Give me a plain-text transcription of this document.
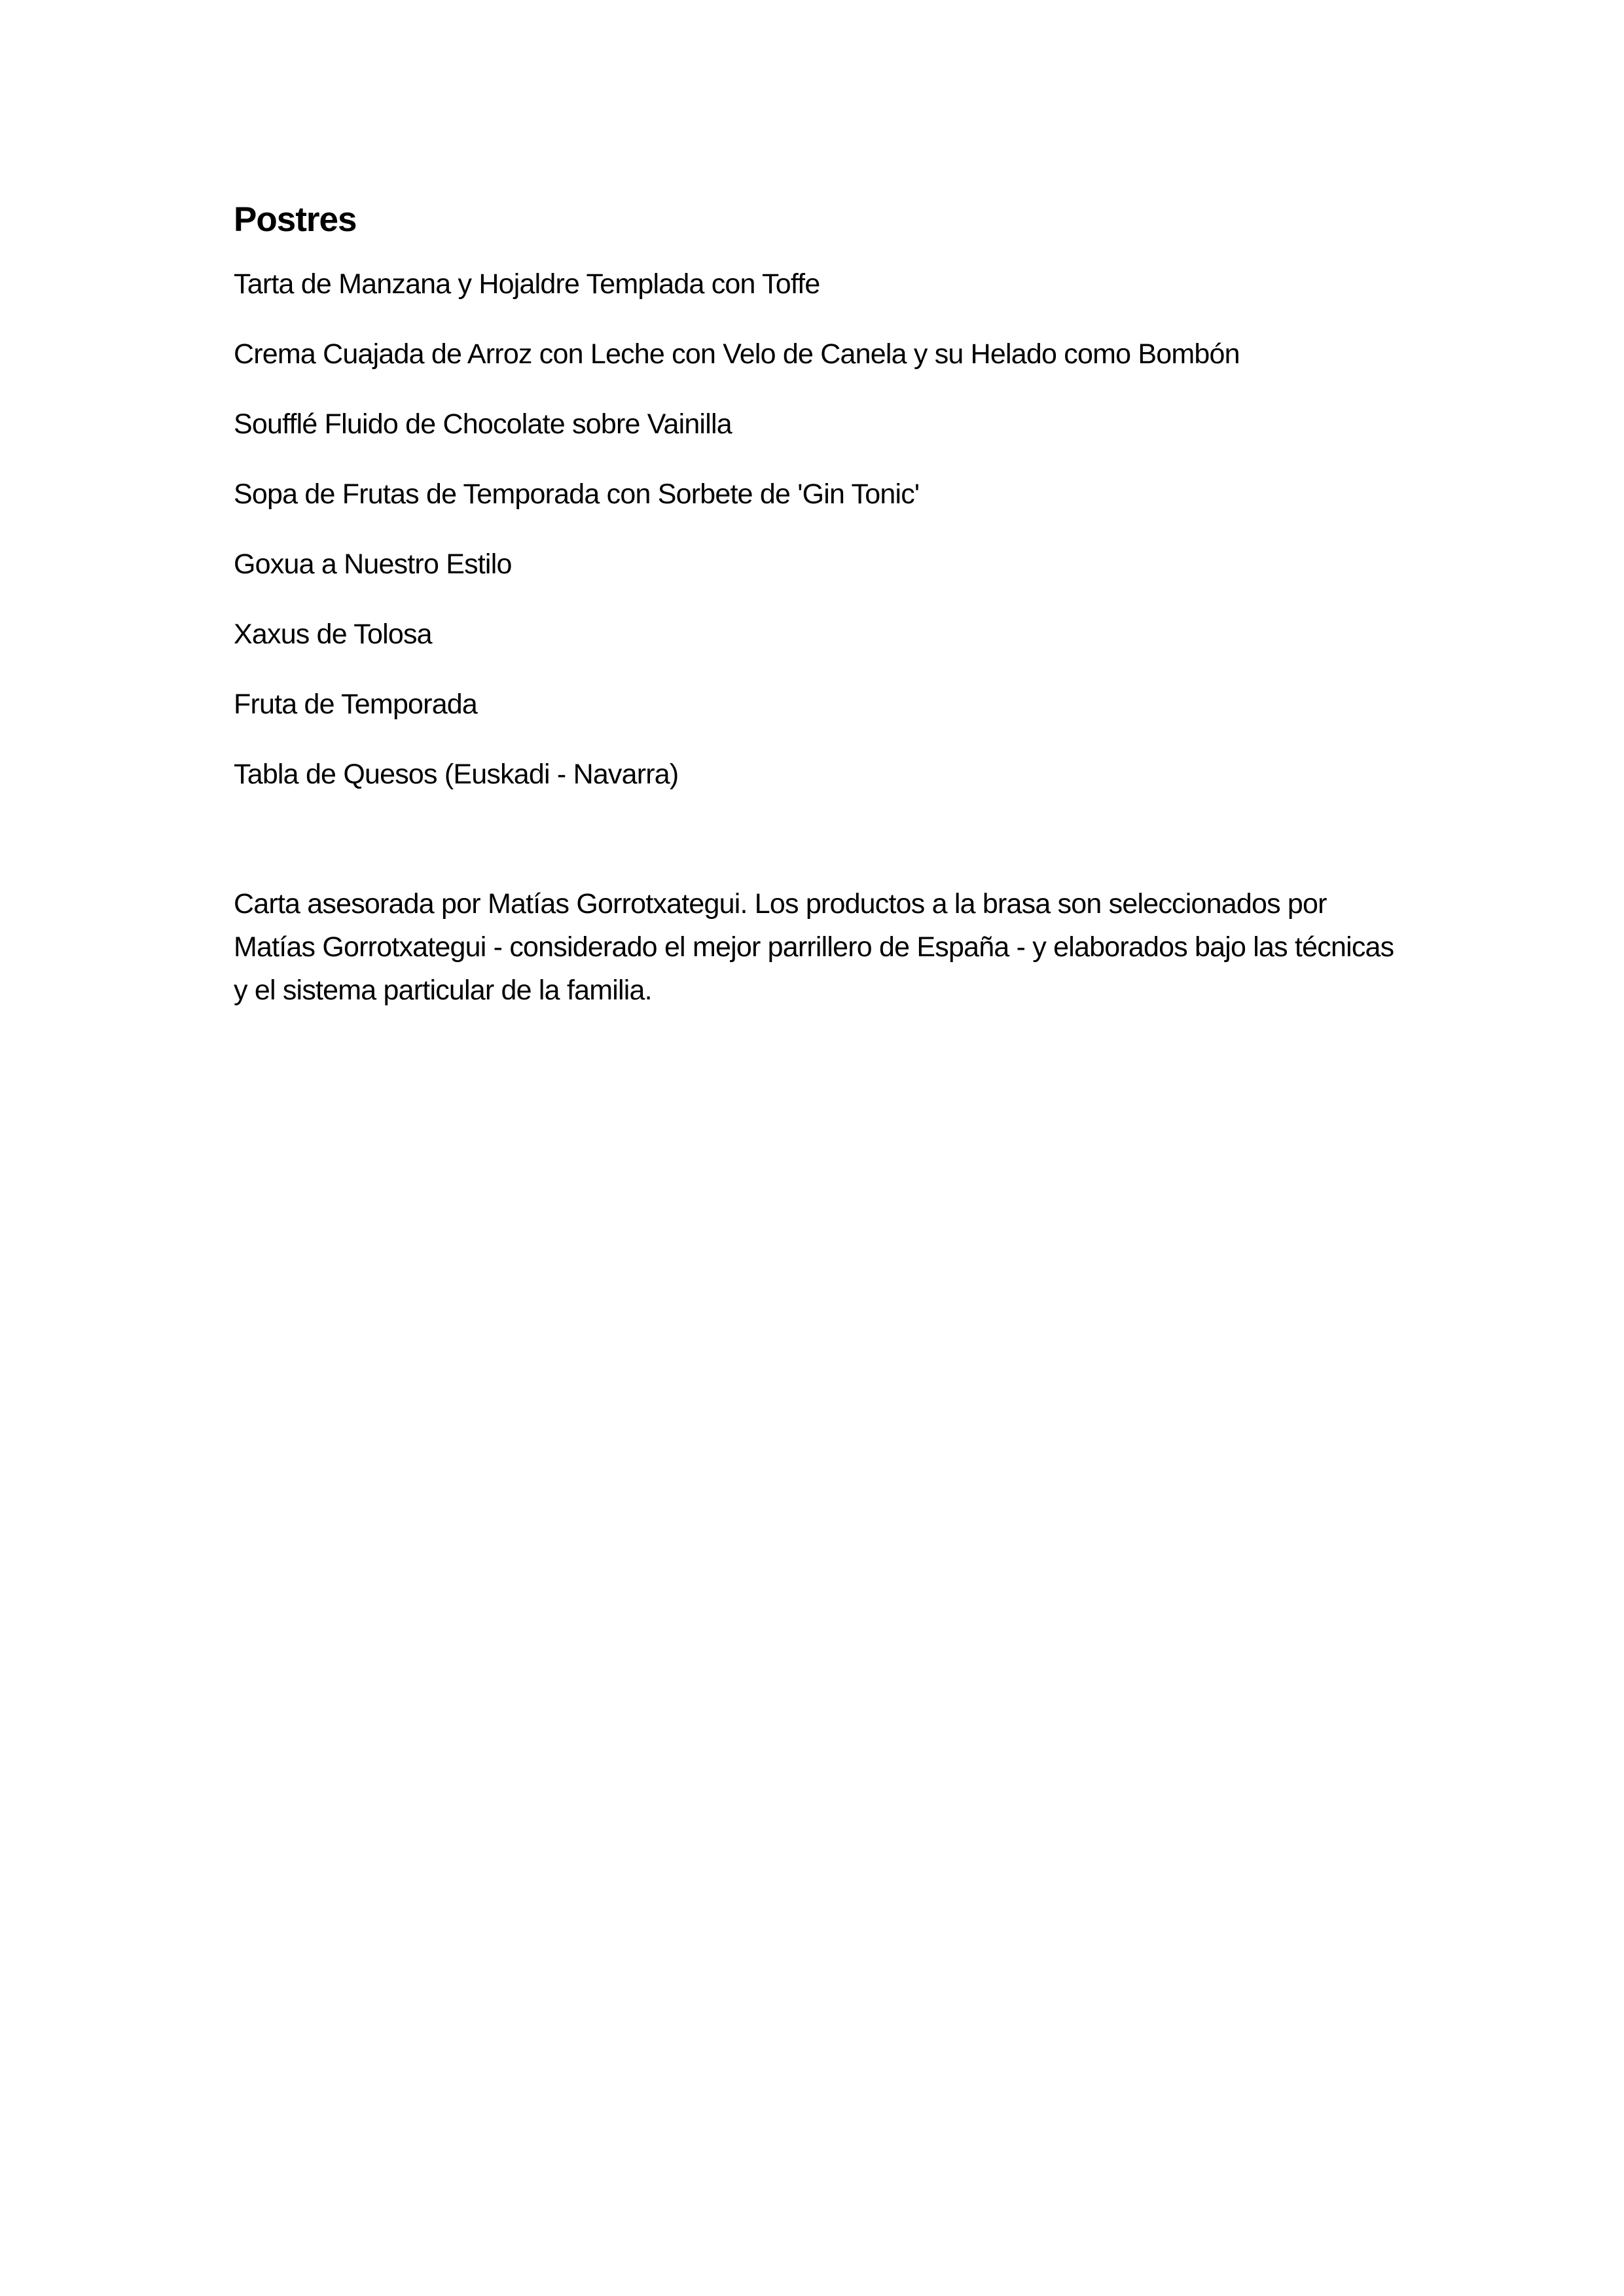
Postres
Tarta de Manzana y Hojaldre Templada con Toffe
Crema Cuajada de Arroz con Leche con Velo de Canela y su Helado como Bombón
Soufflé Fluido de Chocolate sobre Vainilla
Sopa de Frutas de Temporada con Sorbete de 'Gin Tonic'
Goxua a Nuestro Estilo
Xaxus de Tolosa
Fruta de Temporada
Tabla de Quesos (Euskadi - Navarra)

Carta asesorada por Matías Gorrotxategui. Los productos a la brasa son seleccionados por Matías Gorrotxategui - considerado el mejor parrillero de España - y elaborados bajo las técnicas y el sistema particular de la familia.
